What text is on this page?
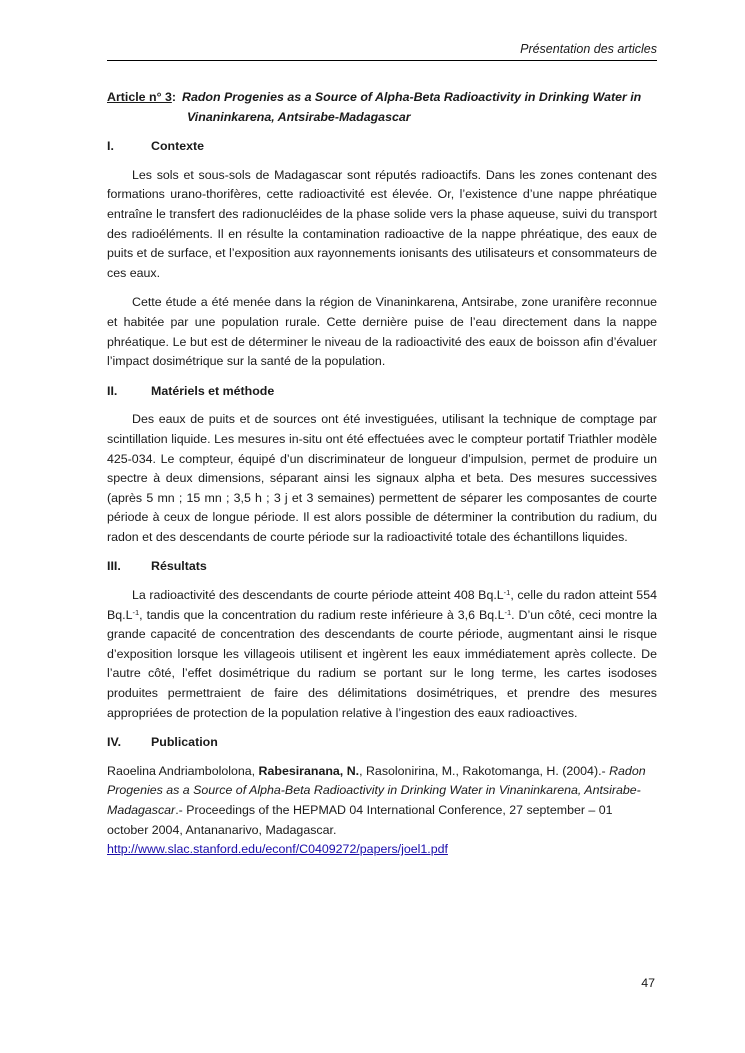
Présentation des articles
Article n° 3 : Radon Progenies as a Source of Alpha-Beta Radioactivity in Drinking Water in
Vinaninkarena, Antsirabe-Madagascar
I.	Contexte

Les sols et sous-sols de Madagascar sont réputés radioactifs. Dans les zones contenant des formations urano-thorifères, cette radioactivité est élevée. Or, l’existence d’une nappe phréatique entraîne le transfert des radionucléides de la phase solide vers la phase aqueuse, suivi du transport des radioéléments. Il en résulte la contamination radioactive de la nappe phréatique, des eaux de puits et de surface, et l’exposition aux rayonnements ionisants des utilisateurs et consommateurs de ces eaux.

Cette étude a été menée dans la région de Vinaninkarena, Antsirabe, zone uranifère reconnue et habitée par une population rurale. Cette dernière puise de l’eau directement dans la nappe phréatique. Le but est de déterminer le niveau de la radioactivité des eaux de boisson afin d’évaluer l’impact dosimétrique sur la santé de la population.

II.	Matériels et méthode

Des eaux de puits et de sources ont été investiguées, utilisant la technique de comptage par scintillation liquide. Les mesures in-situ ont été effectuées avec le compteur portatif Triathler modèle 425-034. Le compteur, équipé d’un discriminateur de longueur d’impulsion, permet de produire un spectre à deux dimensions, séparant ainsi les signaux alpha et beta. Des mesures successives (après 5 mn ; 15 mn ; 3,5 h ; 3 j et 3 semaines) permettent de séparer les composantes de courte période à ceux de longue période. Il est alors possible de déterminer la contribution du radium, du radon et des descendants de courte période sur la radioactivité totale des échantillons liquides.

III.	Résultats

La radioactivité des descendants de courte période atteint 408 $Bq.L^{-1}$, celle du radon atteint 554 $Bq.L^{-1}$, tandis que la concentration du radium reste inférieure à 3,6 $Bq.L^{-1}$. D’un côté, ceci montre la grande capacité de concentration des descendants de courte période, augmentant ainsi le risque d’exposition lorsque les villageois utilisent et ingèrent les eaux immédiatement après collecte. De l’autre côté, l’effet dosimétrique du radium se portant sur le long terme, les cartes isodoses produites permettraient de faire des délimitations dosimétriques, et prendre des mesures appropriées de protection de la population relative à l’ingestion des eaux radioactives.

IV.	Publication

Raoelina Andriambololona, Rabesiranana, N., Rasolonirina, M., Rakotomanga, H. (2004).- Radon Progenies as a Source of Alpha-Beta Radioactivity in Drinking Water in Vinaninkarena, Antsirabe-Madagascar.- Proceedings of the HEPMAD 04 International Conference, 27 september – 01 october 2004, Antananarivo, Madagascar.
http://www.slac.stanford.edu/econf/C0409272/papers/joel1.pdf

47
